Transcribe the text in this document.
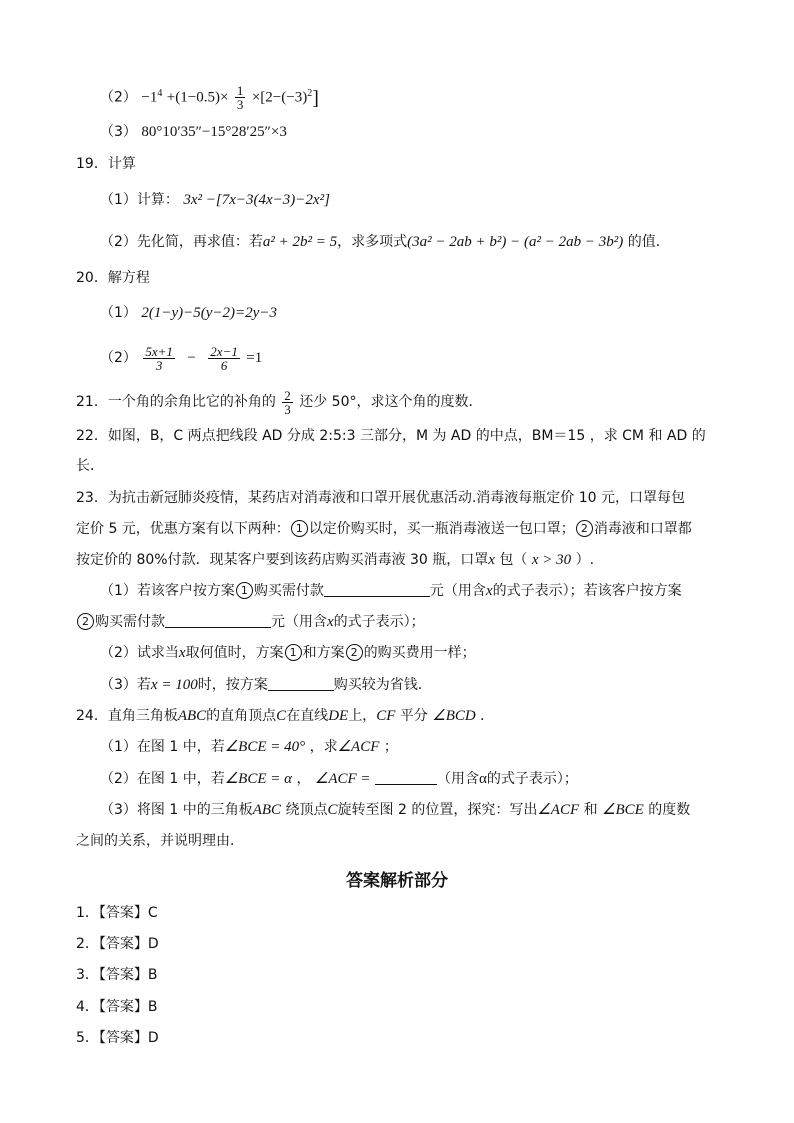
$(2) -1^4 +(1-0.5)\times \frac{1}{3} \times[2-(-3)^2]$
（3） 80°10′35″−15°28′25″×3
19．计算
（1）计算： 3x² −[7x−3(4x−3)−2x²]
（2）先化简，再求值：若a² + 2b² = 5，求多项式(3a² − 2ab + b²) − (a² − 2ab − 3b²) 的值．
20．解方程
（1） 2(1−y)−5(y−2)=2y−3
$(2) \frac{5x+1}{3} - \frac{2x-1}{6} =1$
21．一个角的余角比它的补角的 $\frac{2}{3}$ 还少 50°，求这个角的度数．
22．如图，B，C 两点把线段 AD 分成 2:5:3 三部分，M 为 AD 的中点，BM＝15 ，求 CM 和 AD 的
长．
23．为抗击新冠肺炎疫情，某药店对消毒液和口罩开展优惠活动.消毒液每瓶定价 10 元，口罩每包
定价 5 元，优惠方案有以下两种： 1 以定价购买时，买一瓶消毒液送一包口罩； 2 消毒液和口罩都
按定价的 80%付款．现某客户要到该药店购买消毒液 30 瓶，口罩x 包（ x > 30 ）.
（1）若该客户按方案 1 购买需付款	元（用含x的式子表示）；若该客户按方案
2 购买需付款	元（用含x的式子表示）；
（2）试求当x取何值时，方案 1 和方案 2 的购买费用一样；
（3）若x = 100时，按方案	购买较为省钱．
24．直角三角板ABC的直角顶点C在直线DE上，CF 平分 ∠BCD ．
（1）在图 1 中，若∠BCE = 40° ，求∠ACF ；
（2）在图 1 中，若∠BCE = α ， ∠ACF =	（用含α的式子表示）；
（3）将图 1 中的三角板ABC 绕顶点C旋转至图 2 的位置，探究：写出∠ACF 和 ∠BCE 的度数
之间的关系，并说明理由．
答案解析部分
1．【答案】C
2．【答案】D
3．【答案】B
4．【答案】B
5．【答案】D
